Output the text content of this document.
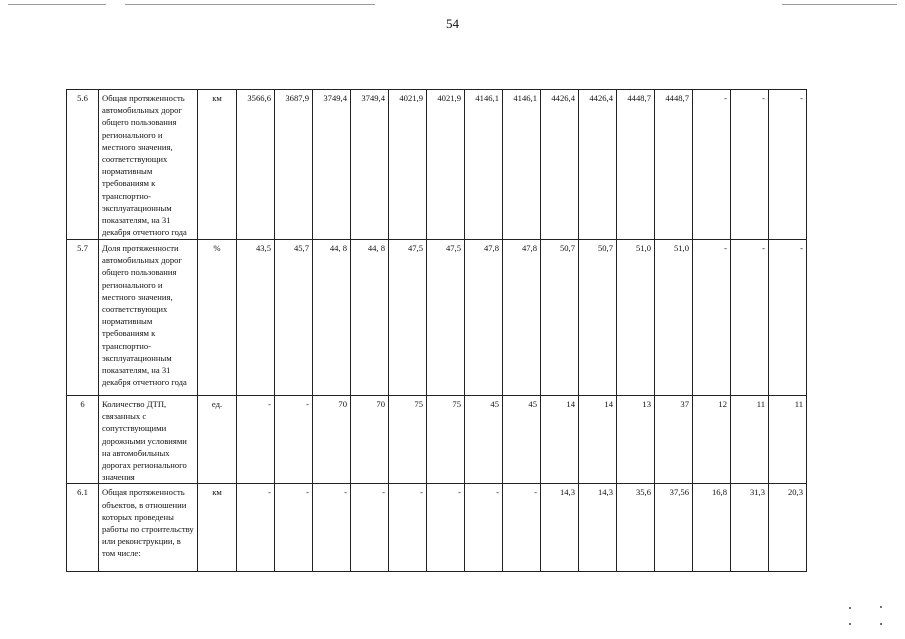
54
5.6	Общая протяженность автомобильных дорог общего пользования регионального и местного значения, соответствующих нормативным требованиям к транспортно-эксплуатационным показателям, на 31 декабря отчетного года	км	3566,6	3687,9	3749,4	3749,4	4021,9	4021,9	4146,1	4146,1	4426,4	4426,4	4448,7	4448,7	-	-	-
5.7	Доля протяженности автомобильных дорог общего пользования регионального и местного значения, соответствующих нормативным требованиям к транспортно-эксплуатационным показателям, на 31 декабря отчетного года	%	43,5	45,7	44, 8	44, 8	47,5	47,5	47,8	47,8	50,7	50,7	51,0	51,0	-	-	-
6	Количество ДТП, связанных с сопутствующими дорожными условиями на автомобильных дорогах регионального значения	ед.	-	-	70	70	75	75	45	45	14	14	13	37	12	11	11
6.1	Общая протяженность объектов, в отношении которых проведены работы по строительству или реконструкции, в том числе:	км	-	-	-	-	-	-	-	-	14,3	14,3	35,6	37,56	16,8	31,3	20,3
